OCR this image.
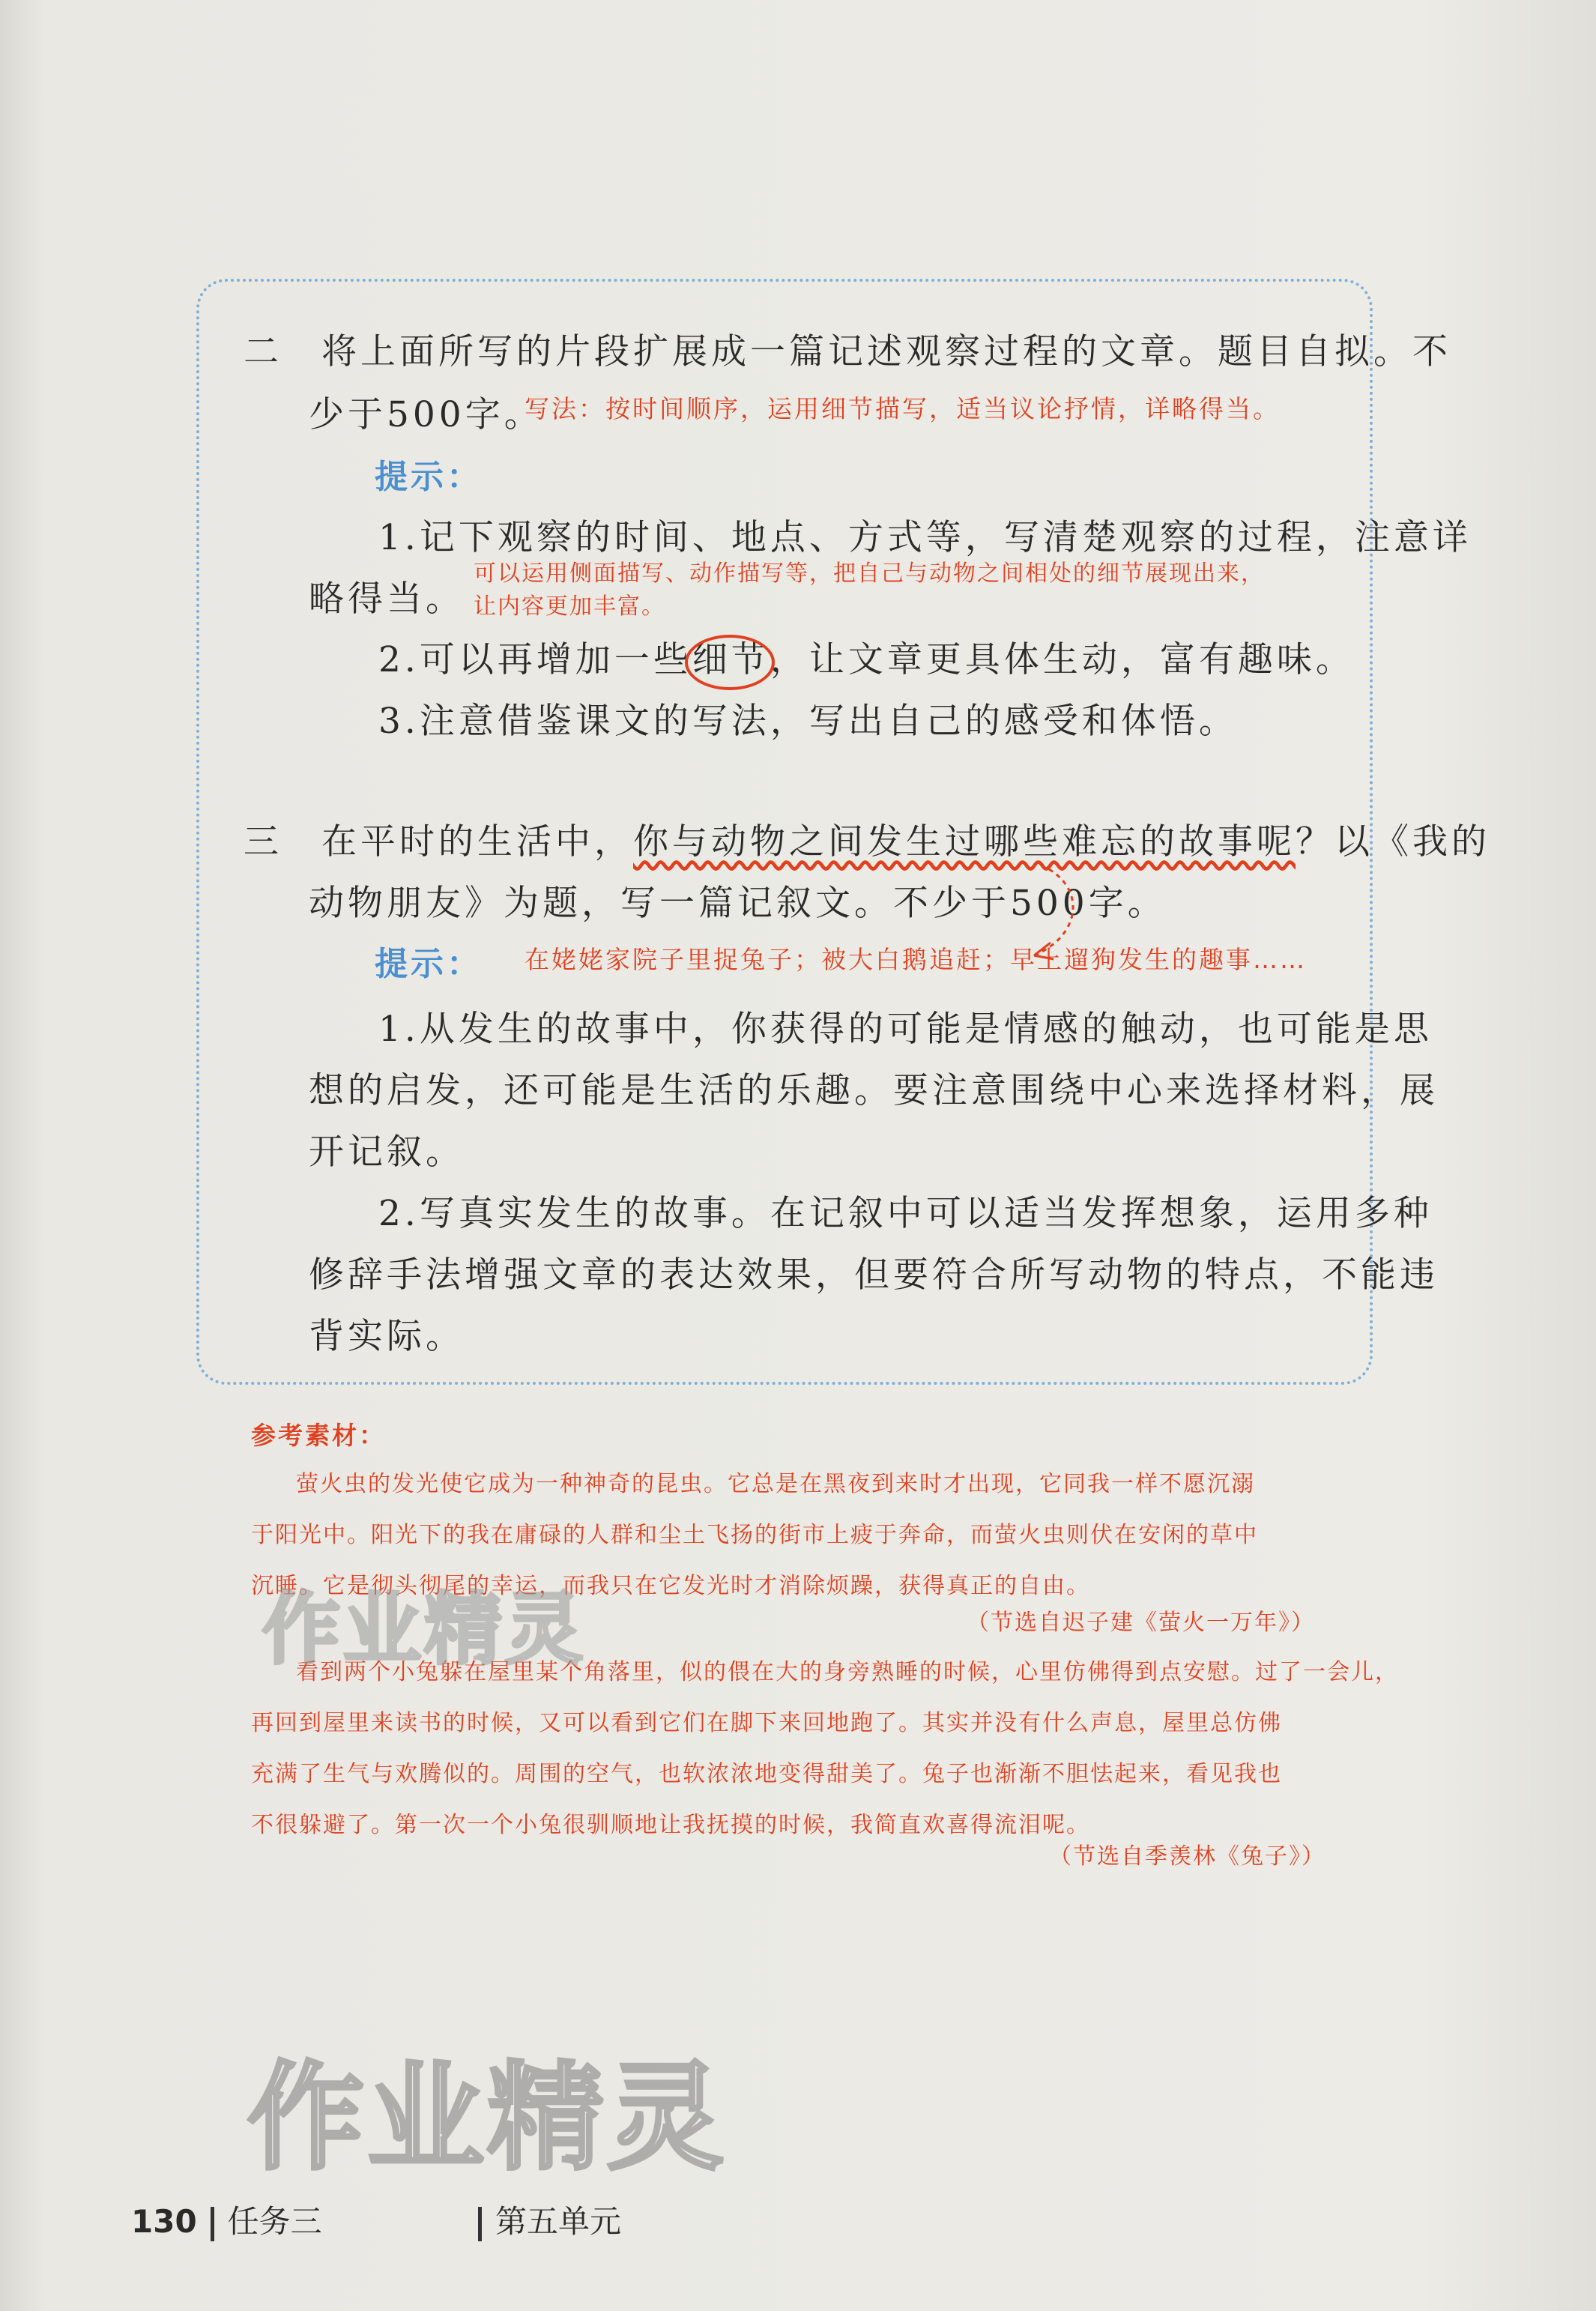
二　将上面所写的片段扩展成一篇记述观察过程的文章。题目自拟。不
少于500字。
写法：按时间顺序，运用细节描写，适当议论抒情，详略得当。
提示：
1.记下观察的时间、地点、方式等，写清楚观察的过程，注意详
可以运用侧面描写、动作描写等，把自己与动物之间相处的细节展现出来，
略得当。 让内容更加丰富。
2.可以再增加一些
细节，让文章更具体生动，富有趣味。
3.注意借鉴课文的写法，写出自己的感受和体悟。
三　在平时的生活中，你与动物之间发生过哪些难忘的故事呢？以《我的
动物朋友》为题，写一篇记叙文。不少于500字。
提示： 在姥姥家院子里捉兔子；被大白鹅追赶；早上遛狗发生的趣事……
1.从发生的故事中，你获得的可能是情感的触动，也可能是思
想的启发，还可能是生活的乐趣。要注意围绕中心来选择材料，展
开记叙。
2.写真实发生的故事。在记叙中可以适当发挥想象，运用多种
修辞手法增强文章的表达效果，但要符合所写动物的特点，不能违
背实际。
参考素材：
萤火虫的发光使它成为一种神奇的昆虫。它总是在黑夜到来时才出现，它同我一样不愿沉溺
于阳光中。阳光下的我在庸碌的人群和尘土飞扬的街市上疲于奔命，而萤火虫则伏在安闲的草中
沉睡。它是彻头彻尾的幸运，而我只在它发光时才消除烦躁，获得真正的自由。
（节选自迟子建《萤火一万年》）
看到两个小兔躲在屋里某个角落里，似的偎在大的身旁熟睡的时候，心里仿佛得到点安慰。过了一会儿，
再回到屋里来读书的时候，又可以看到它们在脚下来回地跑了。其实并没有什么声息，屋里总仿佛
充满了生气与欢腾似的。周围的空气，也软浓浓地变得甜美了。兔子也渐渐不胆怯起来，看见我也
不很躲避了。第一次一个小兔很驯顺地让我抚摸的时候，我简直欢喜得流泪呢。
（节选自季羡林《兔子》）
作业精灵
作业精灵
130 任务三	第五单元
